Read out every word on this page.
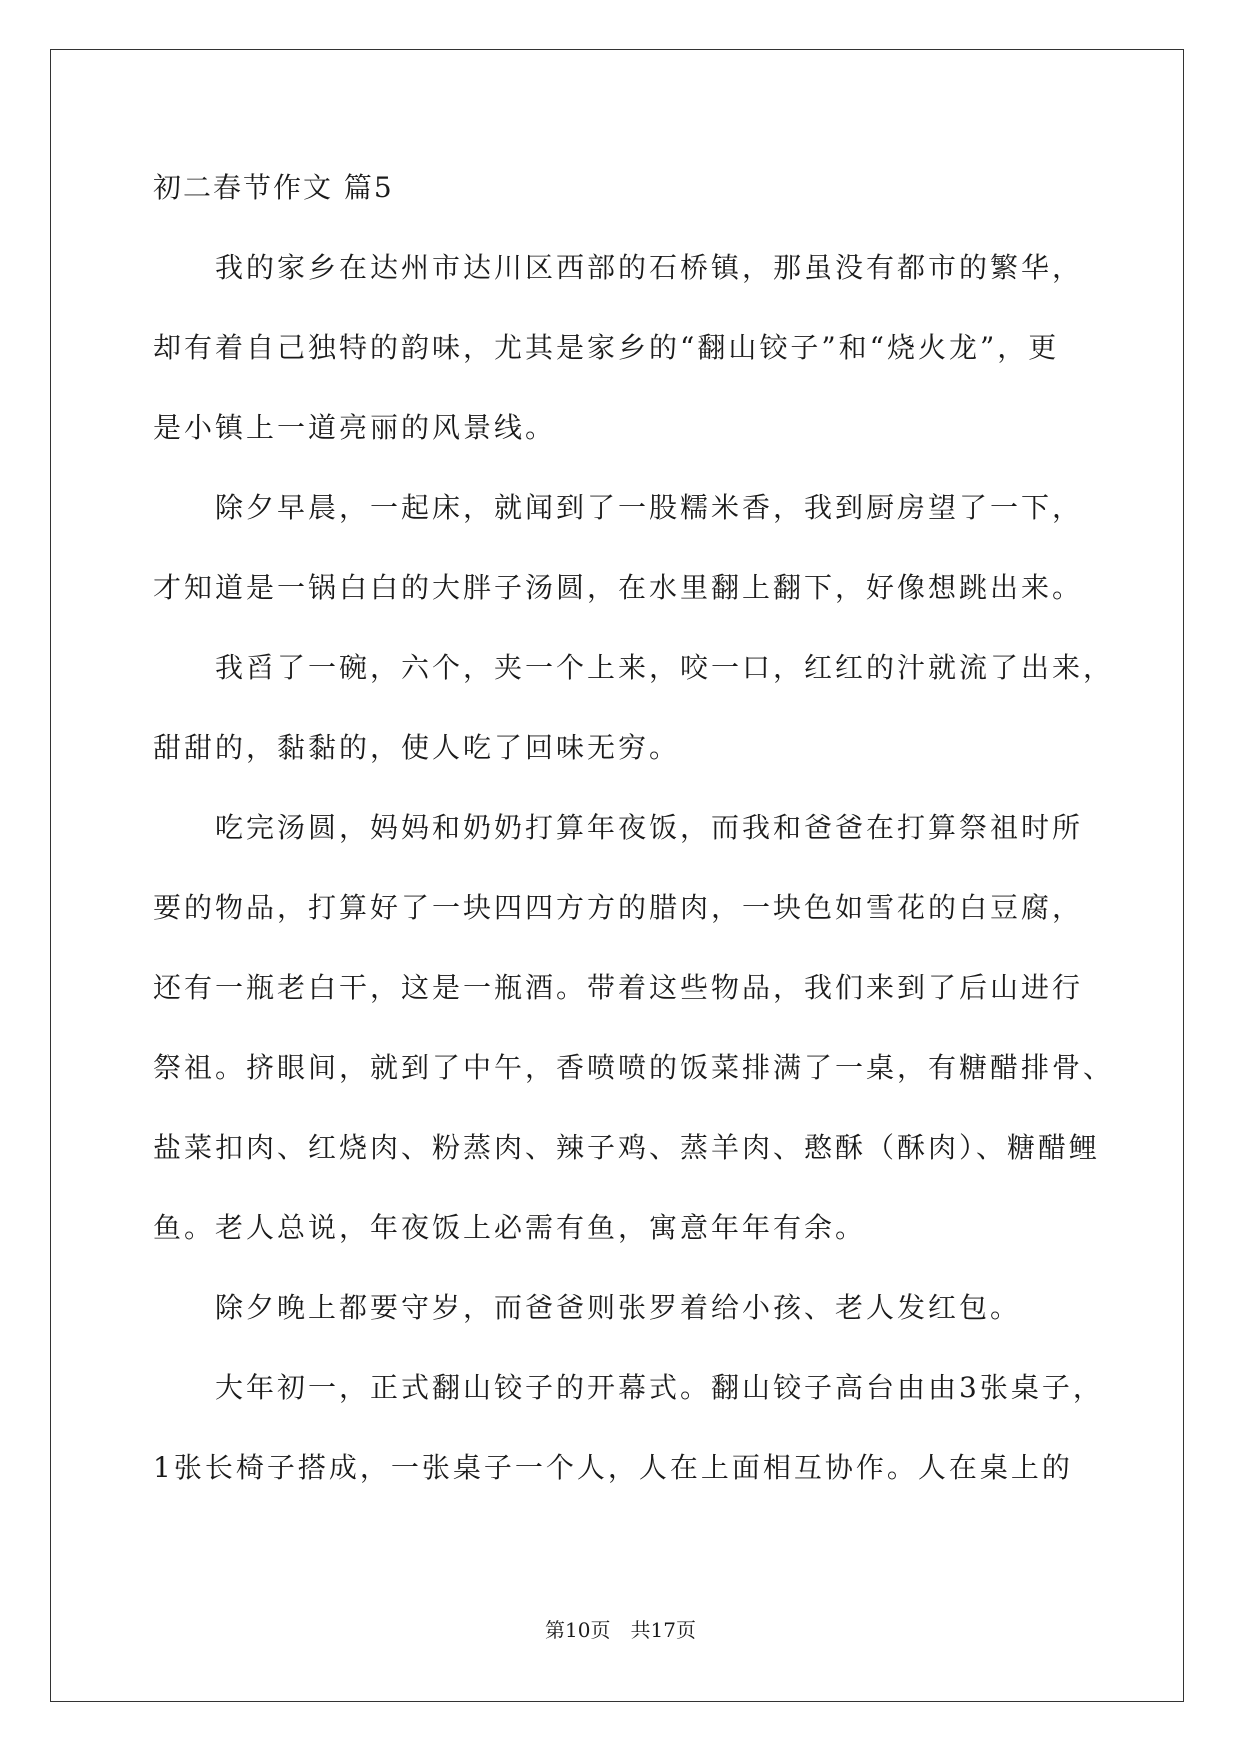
初二春节作文 篇5
我的家乡在达州市达川区西部的石桥镇，那虽没有都市的繁华，
却有着自己独特的韵味，尤其是家乡的“翻山铰子”和“烧火龙”，更
是小镇上一道亮丽的风景线。
除夕早晨，一起床，就闻到了一股糯米香，我到厨房望了一下，
才知道是一锅白白的大胖子汤圆，在水里翻上翻下，好像想跳出来。
我舀了一碗，六个，夹一个上来，咬一口，红红的汁就流了出来，
甜甜的，黏黏的，使人吃了回味无穷。
吃完汤圆，妈妈和奶奶打算年夜饭，而我和爸爸在打算祭祖时所
要的物品，打算好了一块四四方方的腊肉，一块色如雪花的白豆腐，
还有一瓶老白干，这是一瓶酒。带着这些物品，我们来到了后山进行
祭祖。挤眼间，就到了中午，香喷喷的饭菜排满了一桌，有糖醋排骨、
盐菜扣肉、红烧肉、粉蒸肉、辣子鸡、蒸羊肉、憨酥（酥肉）、糖醋鲤
鱼。老人总说，年夜饭上必需有鱼，寓意年年有余。
除夕晚上都要守岁，而爸爸则张罗着给小孩、老人发红包。
大年初一，正式翻山铰子的开幕式。翻山铰子高台由由3张桌子，
1张长椅子搭成，一张桌子一个人，人在上面相互协作。人在桌上的
第10页　共17页
